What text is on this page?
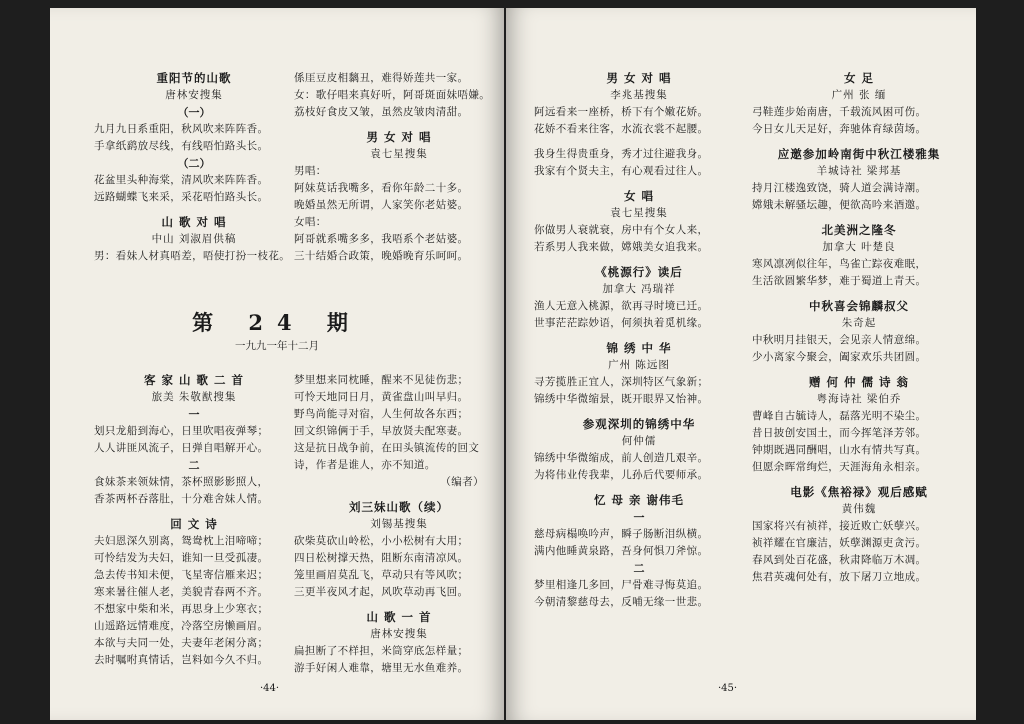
重阳节的山歌
唐林安搜集
（一）
九月九日系重阳，秋风吹来阵阵香。
手拿纸鹞放尽线，有线唔怕路头长。
（二）
花盆里头种海棠，清风吹来阵阵香。
远路蝴蝶飞来采，采花唔怕路头长。
山 歌 对 唱
中山 刘淑眉供稿
男：看妹人材真唔差，唔使打扮一枝花。
係厓豆皮相黐丑，难得娇莲共一家。
女：歌仔唱来真好听，阿哥斑面妹唔嫌。
荔枝好食皮又皱，虽然皮皱肉清甜。
男 女 对 唱
袁七星搜集
男唱：
阿妹莫话我嘴多，看你年龄二十多。
晚婚虽然无所谓，人家笑你老姑婆。
女唱：
阿哥就系嘴多多，我唔系个老姑婆。
三十结婚合政策，晚婚晚育乐呵呵。
第 24 期
一九九一年十二月
客 家 山 歌 二 首
旅美 朱敬猷搜集
一
划只龙船到海心，日里吹唱夜弹琴；
人人讲匪风流子，日弹自唱解开心。
二
食妹茶来领妹情，茶杯照影影照人，
香茶两杯吞落肚，十分难舍妹人情。
回 文 诗
夫妇恩深久别离，鸳鸯枕上泪啼啼；
可怜结发为夫妇，谁知一旦受孤凄。
急去传书知未便，飞星寄信雁来迟；
寒来暑往催人老，美貌青春两不齐。
不想家中柴和米，再思身上少寒衣；
山遥路远情难度，冷落空房懒画眉。
本欲与夫同一处，夫妻年老闲分离；
去时嘱咐真情话，岂料如今久不归。
梦里想来同枕睡，醒来不见徒伤悲；
可怜天地同日月，黄雀盘山叫早归。
野鸟尚能寻对宿，人生何故各东西；
回文织锦俩于手，早放贤夫配寒妻。
这是抗日战争前，在田头镇流传的回文
诗，作者是谁人，亦不知道。
（编者）
刘三妹山歌（续）
刘锡基搜集
砍柴莫砍山岭松，小小松树有大用；
四日松树撑天热，阻断东南清凉风。
笼里画眉莫乱飞，草动只有等风吹；
三更半夜风才起，风吹草动再飞回。
山 歌 一 首
唐林安搜集
扁担断了不样担，米筒穿底怎样量；
游手好闲人难靠，塘里无水鱼难养。
·44·
男 女 对 唱
李兆基搜集
阿远看来一座桥，桥下有个嫩花娇。
花娇不看来往客，水流衣裳不起腰。
我身生得贵重身，秀才过往避我身。
我家有个贤夫主，有心观看过往人。
女 唱
袁七星搜集
你做男人衰就衰，房中有个女人来，
若系男人我来做，嫦娥美女追我来。
《桃源行》读后
加拿大 冯瑞祥
渔人无意入桃源，欲再寻时境已迁。
世事茫茫踪妙语，何须执着觅机缘。
锦 绣 中 华
广州 陈远图
寻芳揽胜正宜人，深圳特区气象新；
锦绣中华微缩景，既开眼界又怡神。
参观深圳的锦绣中华
何仲儒
锦绣中华微缩成，前人创造几艰辛。
为将伟业传我辈，儿孙后代要师承。
忆 母 亲 谢伟毛
一
慈母病榻唤吟声，瞬子肠断泪纵横。
满内他睡黄泉路，吾身何惧刀斧惊。
二
梦里相逢几多回，尸骨难寻悔莫追。
今朝清黎慈母去，反哺无缘一世悲。
女 足
广州 张 缅
弓鞋莲步始南唐，千载流风困可伤。
今日女儿天足好，奔驰体育绿茵场。
应邀参加岭南街中秋江楼雅集
羊城诗社 梁邦基
持月江楼逸致饶，骑人道会满诗潮。
嫦娥未解骚坛趣，便欲高吟来酒邀。
北美洲之隆冬
加拿大 叶楚良
寒风凛冽似往年，鸟雀亡踪夜难眠，
生活欲圆繁华梦，难于蜀道上青天。
中秋喜会锦麟叔父
朱奇起
中秋明月挂银天，会见亲人情意绵。
少小离家今聚会，阖家欢乐共团圆。
赠 何 仲 儒 诗 翁
粤海诗社 梁伯乔
曹峰自古毓诗人，磊落光明不染尘。
昔日披创安国土，而今挥笔泽芳邻。
钟期既遇同酬唱，山水有情共写真。
但愿余晖常绚烂，天涯海角永相亲。
电影《焦裕禄》观后感赋
黄伟魏
国家将兴有祯祥，接近败亡妖孽兴。
祯祥耀在官廉洁，妖孽渊源吏贪污。
春风到处百花盛，秋肃降临万木凋。
焦君英魂何处有，放下屠刀立地成。
·45·
